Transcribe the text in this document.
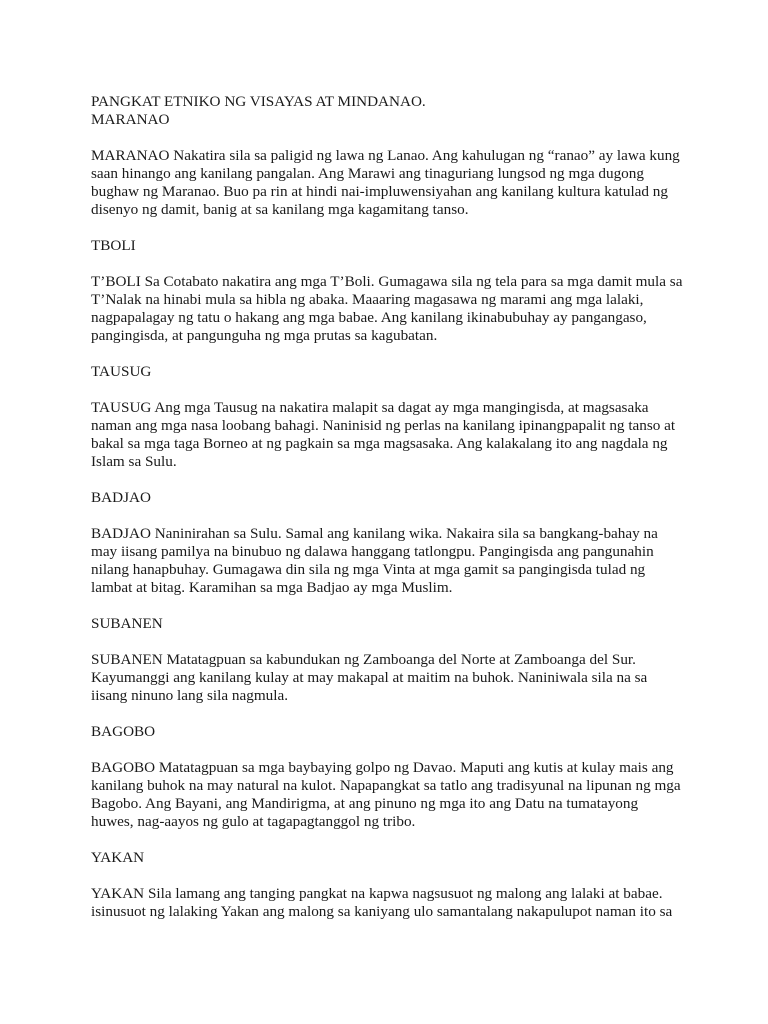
PANGKAT ETNIKO NG VISAYAS AT MINDANAO.
MARANAO

MARANAO Nakatira sila sa paligid ng lawa ng Lanao. Ang kahulugan ng “ranao” ay lawa kung
saan hinango ang kanilang pangalan. Ang Marawi ang tinaguriang lungsod ng mga dugong
bughaw ng Maranao. Buo pa rin at hindi nai-impluwensiyahan ang kanilang kultura katulad ng
disenyo ng damit, banig at sa kanilang mga kagamitang tanso.

TBOLI

T’BOLI Sa Cotabato nakatira ang mga T’Boli. Gumagawa sila ng tela para sa mga damit mula sa
T’Nalak na hinabi mula sa hibla ng abaka. Maaaring magasawa ng marami ang mga lalaki,
nagpapalagay ng tatu o hakang ang mga babae. Ang kanilang ikinabubuhay ay pangangaso,
pangingisda, at pangunguha ng mga prutas sa kagubatan.

TAUSUG

TAUSUG Ang mga Tausug na nakatira malapit sa dagat ay mga mangingisda, at magsasaka
naman ang mga nasa loobang bahagi. Naninisid ng perlas na kanilang ipinangpapalit ng tanso at
bakal sa mga taga Borneo at ng pagkain sa mga magsasaka. Ang kalakalang ito ang nagdala ng
Islam sa Sulu.

BADJAO

BADJAO Naninirahan sa Sulu. Samal ang kanilang wika. Nakaira sila sa bangkang-bahay na
may iisang pamilya na binubuo ng dalawa hanggang tatlongpu. Pangingisda ang pangunahin
nilang hanapbuhay. Gumagawa din sila ng mga Vinta at mga gamit sa pangingisda tulad ng
lambat at bitag. Karamihan sa mga Badjao ay mga Muslim.

SUBANEN

SUBANEN Matatagpuan sa kabundukan ng Zamboanga del Norte at Zamboanga del Sur.
Kayumanggi ang kanilang kulay at may makapal at maitim na buhok. Naniniwala sila na sa
iisang ninuno lang sila nagmula.

BAGOBO

BAGOBO Matatagpuan sa mga baybaying golpo ng Davao. Maputi ang kutis at kulay mais ang
kanilang buhok na may natural na kulot. Napapangkat sa tatlo ang tradisyunal na lipunan ng mga
Bagobo. Ang Bayani, ang Mandirigma, at ang pinuno ng mga ito ang Datu na tumatayong
huwes, nag-aayos ng gulo at tagapagtanggol ng tribo.

YAKAN

YAKAN Sila lamang ang tanging pangkat na kapwa nagsusuot ng malong ang lalaki at babae.
isinusuot ng lalaking Yakan ang malong sa kaniyang ulo samantalang nakapulupot naman ito sa
